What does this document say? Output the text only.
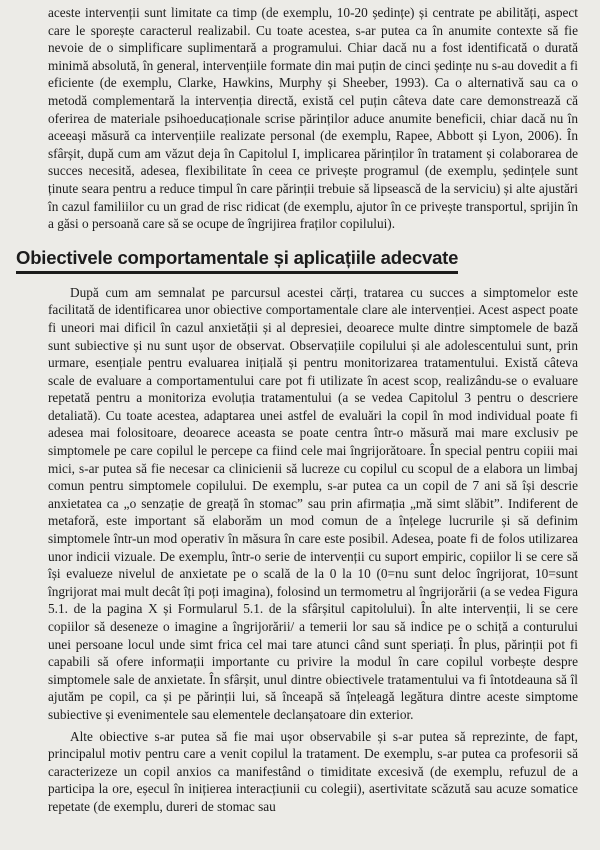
aceste intervenții sunt limitate ca timp (de exemplu, 10-20 ședințe) și centrate pe abilități, aspect care le sporește caracterul realizabil. Cu toate acestea, s-ar putea ca în anumite contexte să fie nevoie de o simplificare suplimentară a programului. Chiar dacă nu a fost identificată o durată minimă absolută, în general, intervențiile formate din mai puțin de cinci ședințe nu s-au dovedit a fi eficiente (de exemplu, Clarke, Hawkins, Murphy și Sheeber, 1993). Ca o alternativă sau ca o metodă complementară la intervenția directă, există cel puțin câteva date care demonstrează că oferirea de materiale psihoeducaționale scrise părinților aduce anumite beneficii, chiar dacă nu în aceeași măsură ca intervențiile realizate personal (de exemplu, Rapee, Abbott și Lyon, 2006). În sfârșit, după cum am văzut deja în Capitolul I, implicarea părinților în tratament și colaborarea de succes necesită, adesea, flexibilitate în ceea ce privește programul (de exemplu, ședințele sunt ținute seara pentru a reduce timpul în care părinții trebuie să lipsească de la serviciu) și alte ajustări în cazul familiilor cu un grad de risc ridicat (de exemplu, ajutor în ce privește transportul, sprijin în a găsi o persoană care să se ocupe de îngrijirea fraților copilului).

Obiectivele comportamentale și aplicațiile adecvate

După cum am semnalat pe parcursul acestei cărți, tratarea cu succes a simptomelor este facilitată de identificarea unor obiective comportamentale clare ale intervenției. Acest aspect poate fi uneori mai dificil în cazul anxietății și al depresiei, deoarece multe dintre simptomele de bază sunt subiective și nu sunt ușor de observat. Observațiile copilului și ale adolescentului sunt, prin urmare, esențiale pentru evaluarea inițială și pentru monitorizarea tratamentului. Există câteva scale de evaluare a comportamentului care pot fi utilizate în acest scop, realizându-se o evaluare repetată pentru a monitoriza evoluția tratamentului (a se vedea Capitolul 3 pentru o descriere detaliată). Cu toate acestea, adaptarea unei astfel de evaluări la copil în mod individual poate fi adesea mai folositoare, deoarece aceasta se poate centra într-o măsură mai mare exclusiv pe simptomele pe care copilul le percepe ca fiind cele mai îngrijorătoare. În special pentru copiii mai mici, s-ar putea să fie necesar ca clinicienii să lucreze cu copilul cu scopul de a elabora un limbaj comun pentru simptomele copilului. De exemplu, s-ar putea ca un copil de 7 ani să își descrie anxietatea ca „o senzație de greață în stomac” sau prin afirmația „mă simt slăbit”. Indiferent de metaforă, este important să elaborăm un mod comun de a înțelege lucrurile și să definim simptomele într-un mod operativ în măsura în care este posibil. Adesea, poate fi de folos utilizarea unor indicii vizuale. De exemplu, într-o serie de intervenții cu suport empiric, copiilor li se cere să își evalueze nivelul de anxietate pe o scală de la 0 la 10 (0=nu sunt deloc îngrijorat, 10=sunt îngrijorat mai mult decât îți poți imagina), folosind un termometru al îngrijorării (a se vedea Figura 5.1. de la pagina X și Formularul 5.1. de la sfârșitul capitolului). În alte intervenții, li se cere copiilor să deseneze o imagine a îngrijorării/ a temerii lor sau să indice pe o schiță a conturului unei persoane locul unde simt frica cel mai tare atunci când sunt speriați. În plus, părinții pot fi capabili să ofere informații importante cu privire la modul în care copilul vorbește despre simptomele sale de anxietate. În sfârșit, unul dintre obiectivele tratamentului va fi întotdeauna să îl ajutăm pe copil, ca și pe părinții lui, să înceapă să înțeleagă legătura dintre aceste simptome subiective și evenimentele sau elementele declanșatoare din exterior.

Alte obiective s-ar putea să fie mai ușor observabile și s-ar putea să reprezinte, de fapt, principalul motiv pentru care a venit copilul la tratament. De exemplu, s-ar putea ca profesorii să caracterizeze un copil anxios ca manifestând o timiditate excesivă (de exemplu, refuzul de a participa la ore, eșecul în inițierea interacțiunii cu colegii), asertivitate scăzută sau acuze somatice repetate (de exemplu, dureri de stomac sau
